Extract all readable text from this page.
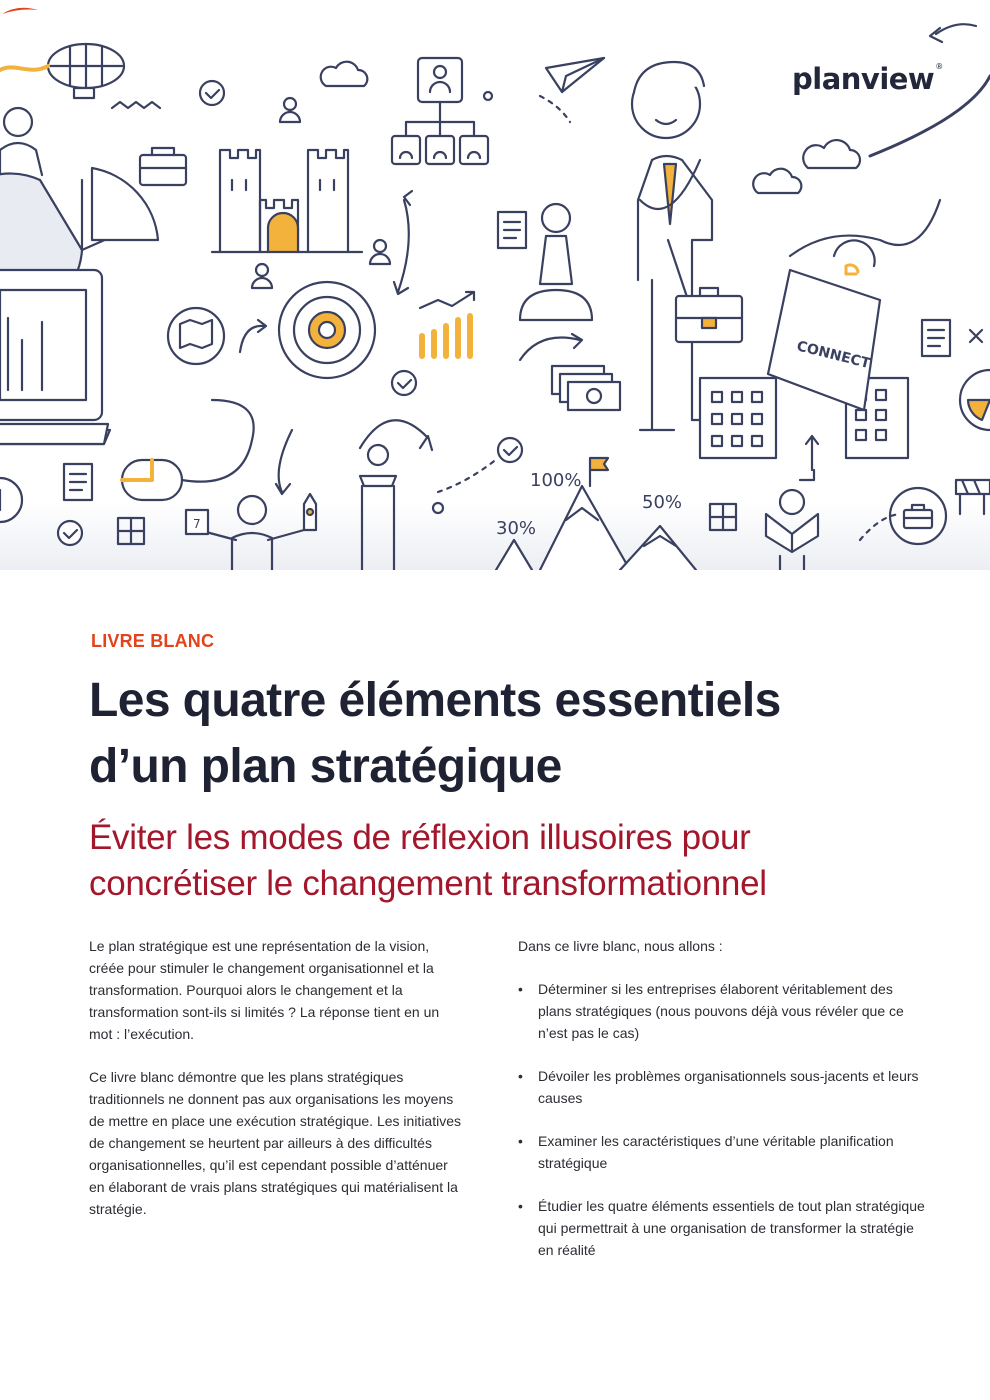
7
100%
50%
30%
CONNECT
planview®
LIVRE BLANC
Les quatre éléments essentiels
d’un plan stratégique
Éviter les modes de réflexion illusoires pour
concrétiser le changement transformationnel

Le plan stratégique est une représentation de la vision, créée pour stimuler le changement organisationnel et la transformation. Pourquoi alors le changement et la transformation sont-ils si limités ? La réponse tient en un mot : l’exécution.

Ce livre blanc démontre que les plans stratégiques traditionnels ne donnent pas aux organisations les moyens de mettre en place une exécution stratégique. Les initiatives de changement se heurtent par ailleurs à des difficultés organisationnelles, qu’il est cependant possible d’atténuer en élaborant de vrais plans stratégiques qui matérialisent la stratégie.

Dans ce livre blanc, nous allons :

• Déterminer si les entreprises élaborent véritablement des plans stratégiques (nous pouvons déjà vous révéler que ce n’est pas le cas)
• Dévoiler les problèmes organisationnels sous-jacents et leurs causes
• Examiner les caractéristiques d’une véritable planification stratégique
• Étudier les quatre éléments essentiels de tout plan stratégique qui permettrait à une organisation de transformer la stratégie en réalité
